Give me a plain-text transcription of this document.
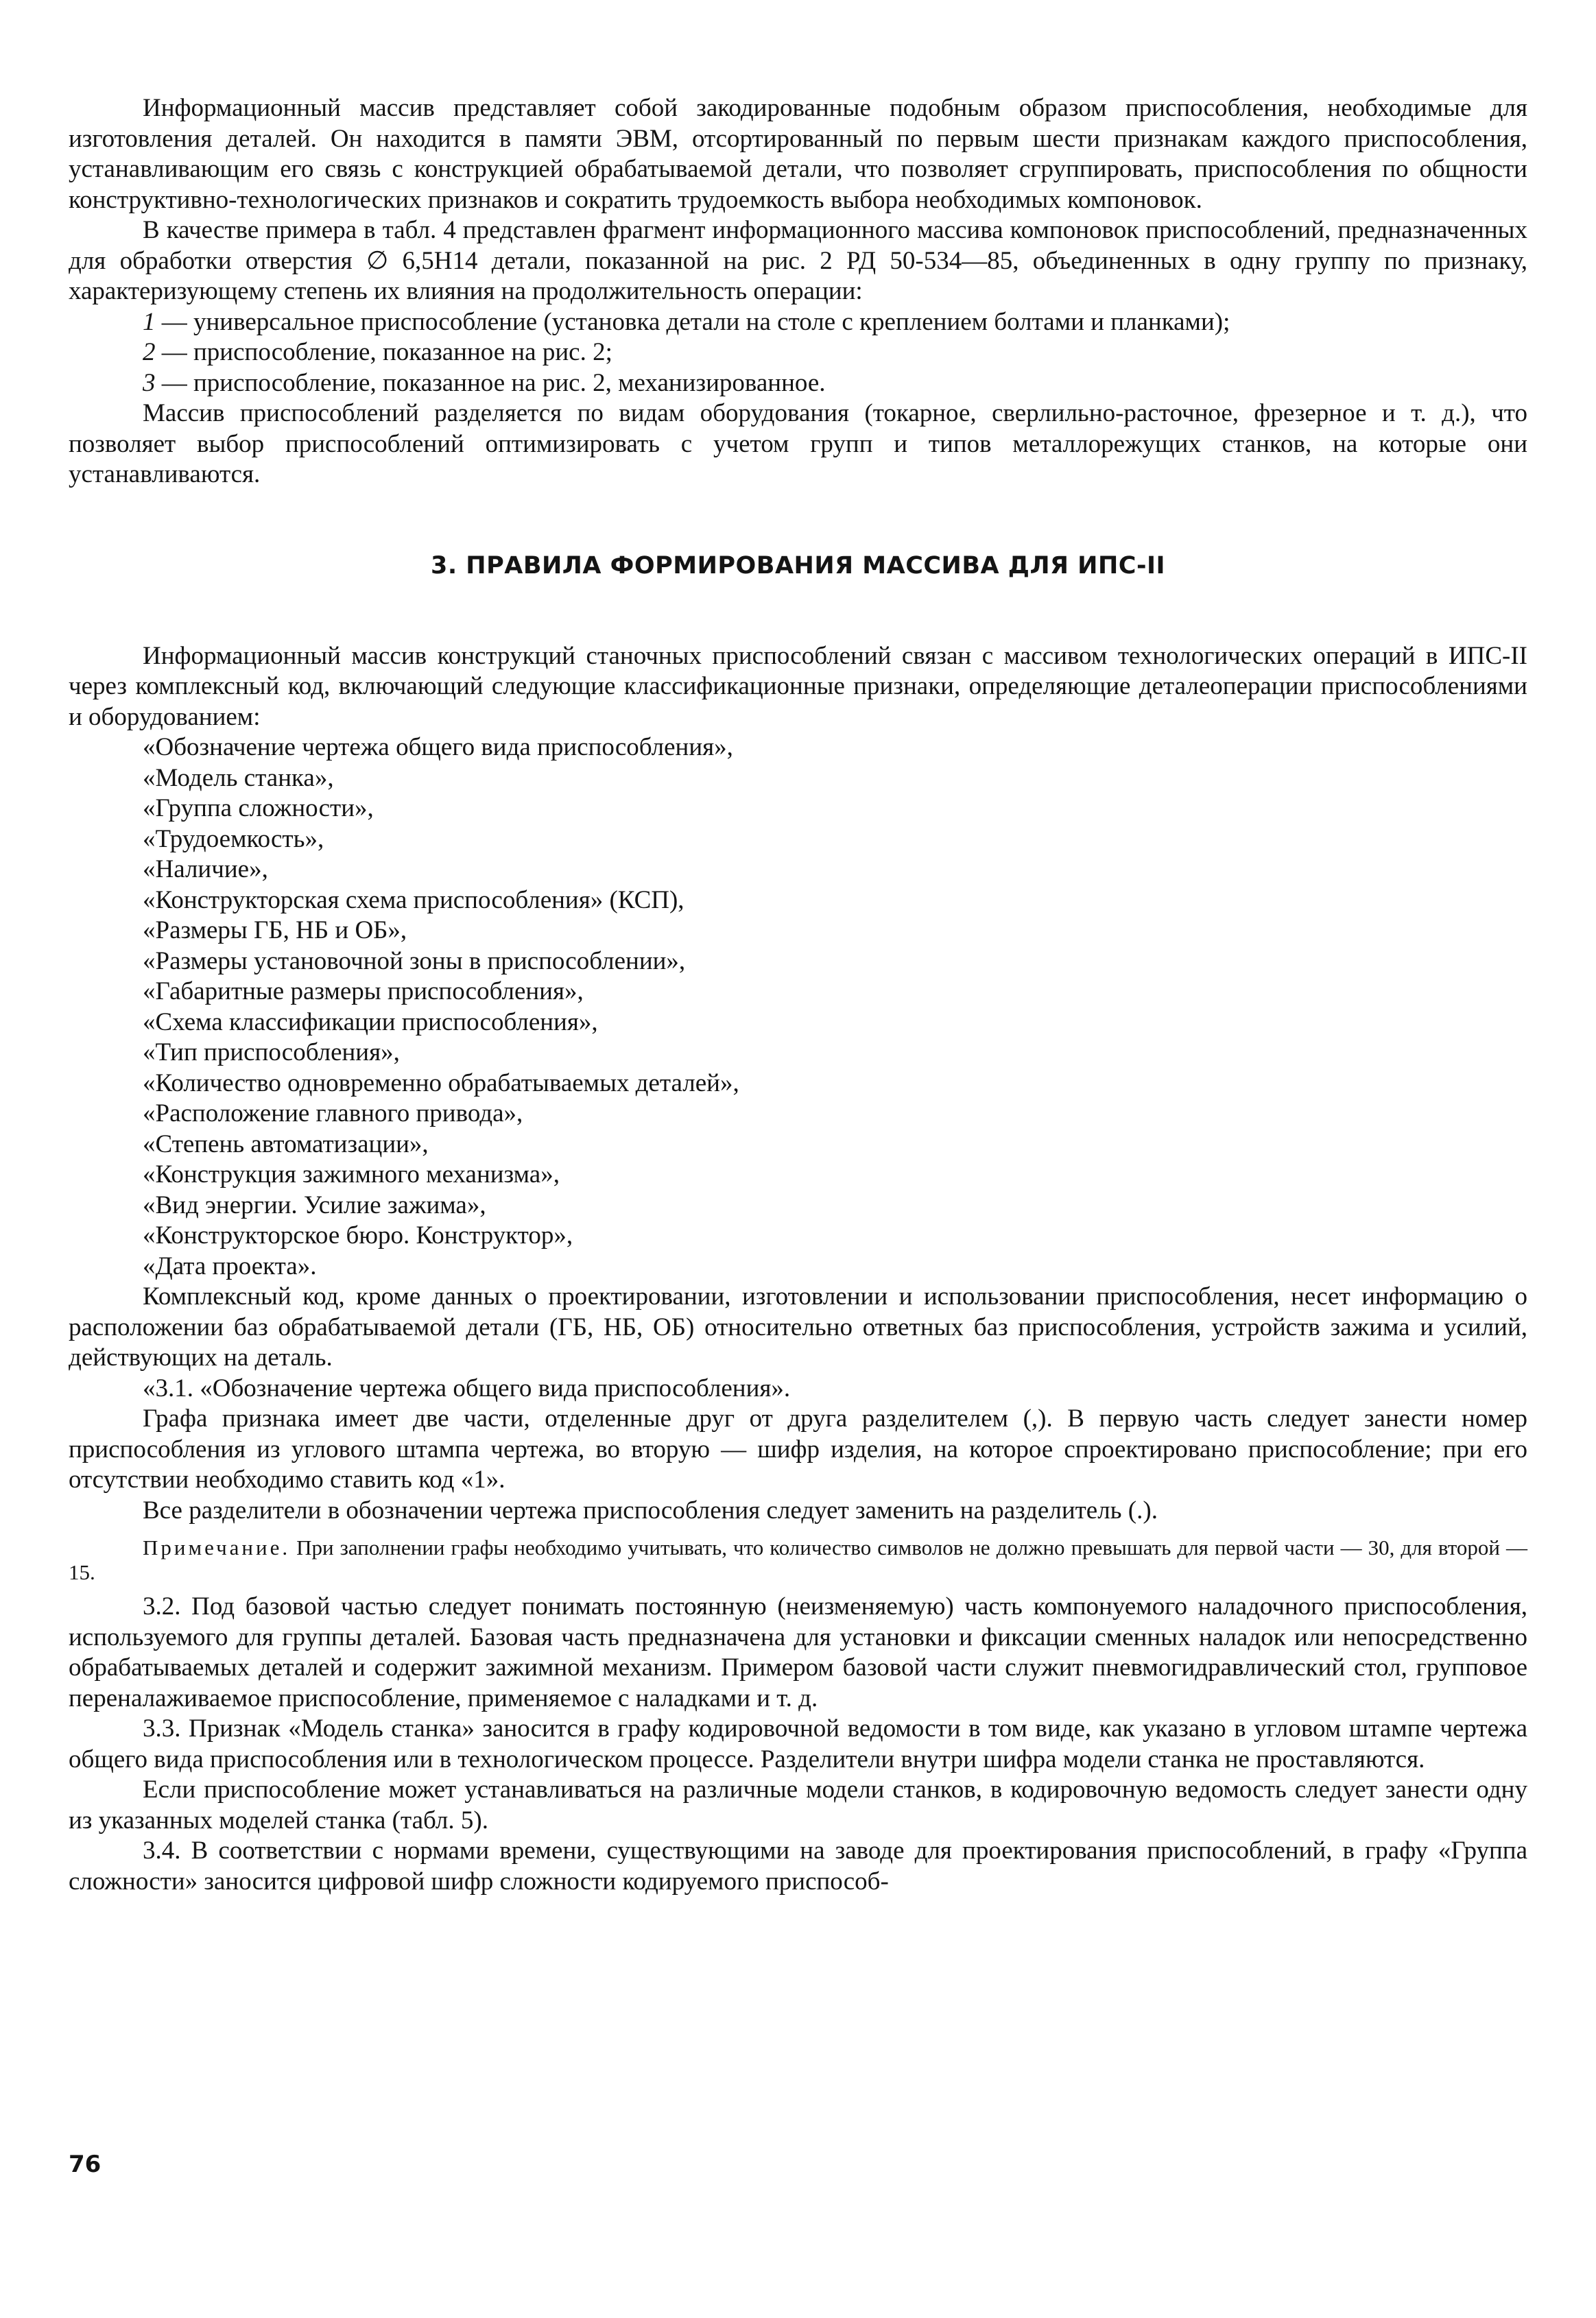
Информационный массив представляет собой закодированные подобным образом приспособления, необходимые для изготовления деталей. Он находится в памяти ЭВМ, отсортированный по первым шести признакам каждого приспособления, устанавливающим его связь с конструкцией обрабатываемой детали, что позволяет сгруппировать, приспособления по общности конструктивно-технологических признаков и сократить трудоемкость выбора необходимых компоновок.

В качестве примера в табл. 4 представлен фрагмент информационного массива компоновок приспособлений, предназначенных для обработки отверстия ∅ 6,5Н14 детали, показанной на рис. 2 РД 50-534—85, объединенных в одну группу по признаку, характеризующему степень их влияния на продолжительность операции:

1 — универсальное приспособление (установка детали на столе с креплением болтами и планками);

2 — приспособление, показанное на рис. 2;

3 — приспособление, показанное на рис. 2, механизированное.

Массив приспособлений разделяется по видам оборудования (токарное, сверлильно-расточное, фрезерное и т. д.), что позволяет выбор приспособлений оптимизировать с учетом групп и типов металлорежущих станков, на которые они устанавливаются.

3. ПРАВИЛА ФОРМИРОВАНИЯ МАССИВА ДЛЯ ИПС-II

Информационный массив конструкций станочных приспособлений связан с массивом технологических операций в ИПС-II через комплексный код, включающий следующие классификационные признаки, определяющие деталеоперации приспособлениями и оборудованием:

«Обозначение чертежа общего вида приспособления»,

«Модель станка»,

«Группа сложности»,

«Трудоемкость»,

«Наличие»,

«Конструкторская схема приспособления» (КСП),

«Размеры ГБ, НБ и ОБ»,

«Размеры установочной зоны в приспособлении»,

«Габаритные размеры приспособления»,

«Схема классификации приспособления»,

«Тип приспособления»,

«Количество одновременно обрабатываемых деталей»,

«Расположение главного привода»,

«Степень автоматизации»,

«Конструкция зажимного механизма»,

«Вид энергии. Усилие зажима»,

«Конструкторское бюро. Конструктор»,

«Дата проекта».

Комплексный код, кроме данных о проектировании, изготовлении и использовании приспособления, несет информацию о расположении баз обрабатываемой детали (ГБ, НБ, ОБ) относительно ответных баз приспособления, устройств зажима и усилий, действующих на деталь.

«3.1. «Обозначение чертежа общего вида приспособления».

Графа признака имеет две части, отделенные друг от друга разделителем (,). В первую часть следует занести номер приспособления из углового штампа чертежа, во вторую — шифр изделия, на которое спроектировано приспособление; при его отсутствии необходимо ставить код «1».

Все разделители в обозначении чертежа приспособления следует заменить на разделитель (.).

Примечание. При заполнении графы необходимо учитывать, что количество символов не должно превышать для первой части — 30, для второй — 15.

3.2. Под базовой частью следует понимать постоянную (неизменяемую) часть компонуемого наладочного приспособления, используемого для группы деталей. Базовая часть предназначена для установки и фиксации сменных наладок или непосредственно обрабатываемых деталей и содержит зажимной механизм. Примером базовой части служит пневмогидравлический стол, групповое переналаживаемое приспособление, применяемое с наладками и т. д.

3.3. Признак «Модель станка» заносится в графу кодировочной ведомости в том виде, как указано в угловом штампе чертежа общего вида приспособления или в технологическом процессе. Разделители внутри шифра модели станка не проставляются.

Если приспособление может устанавливаться на различные модели станков, в кодировочную ведомость следует занести одну из указанных моделей станка (табл. 5).

3.4. В соответствии с нормами времени, существующими на заводе для проектирования приспособлений, в графу «Группа сложности» заносится цифровой шифр сложности кодируемого приспособ-

76
